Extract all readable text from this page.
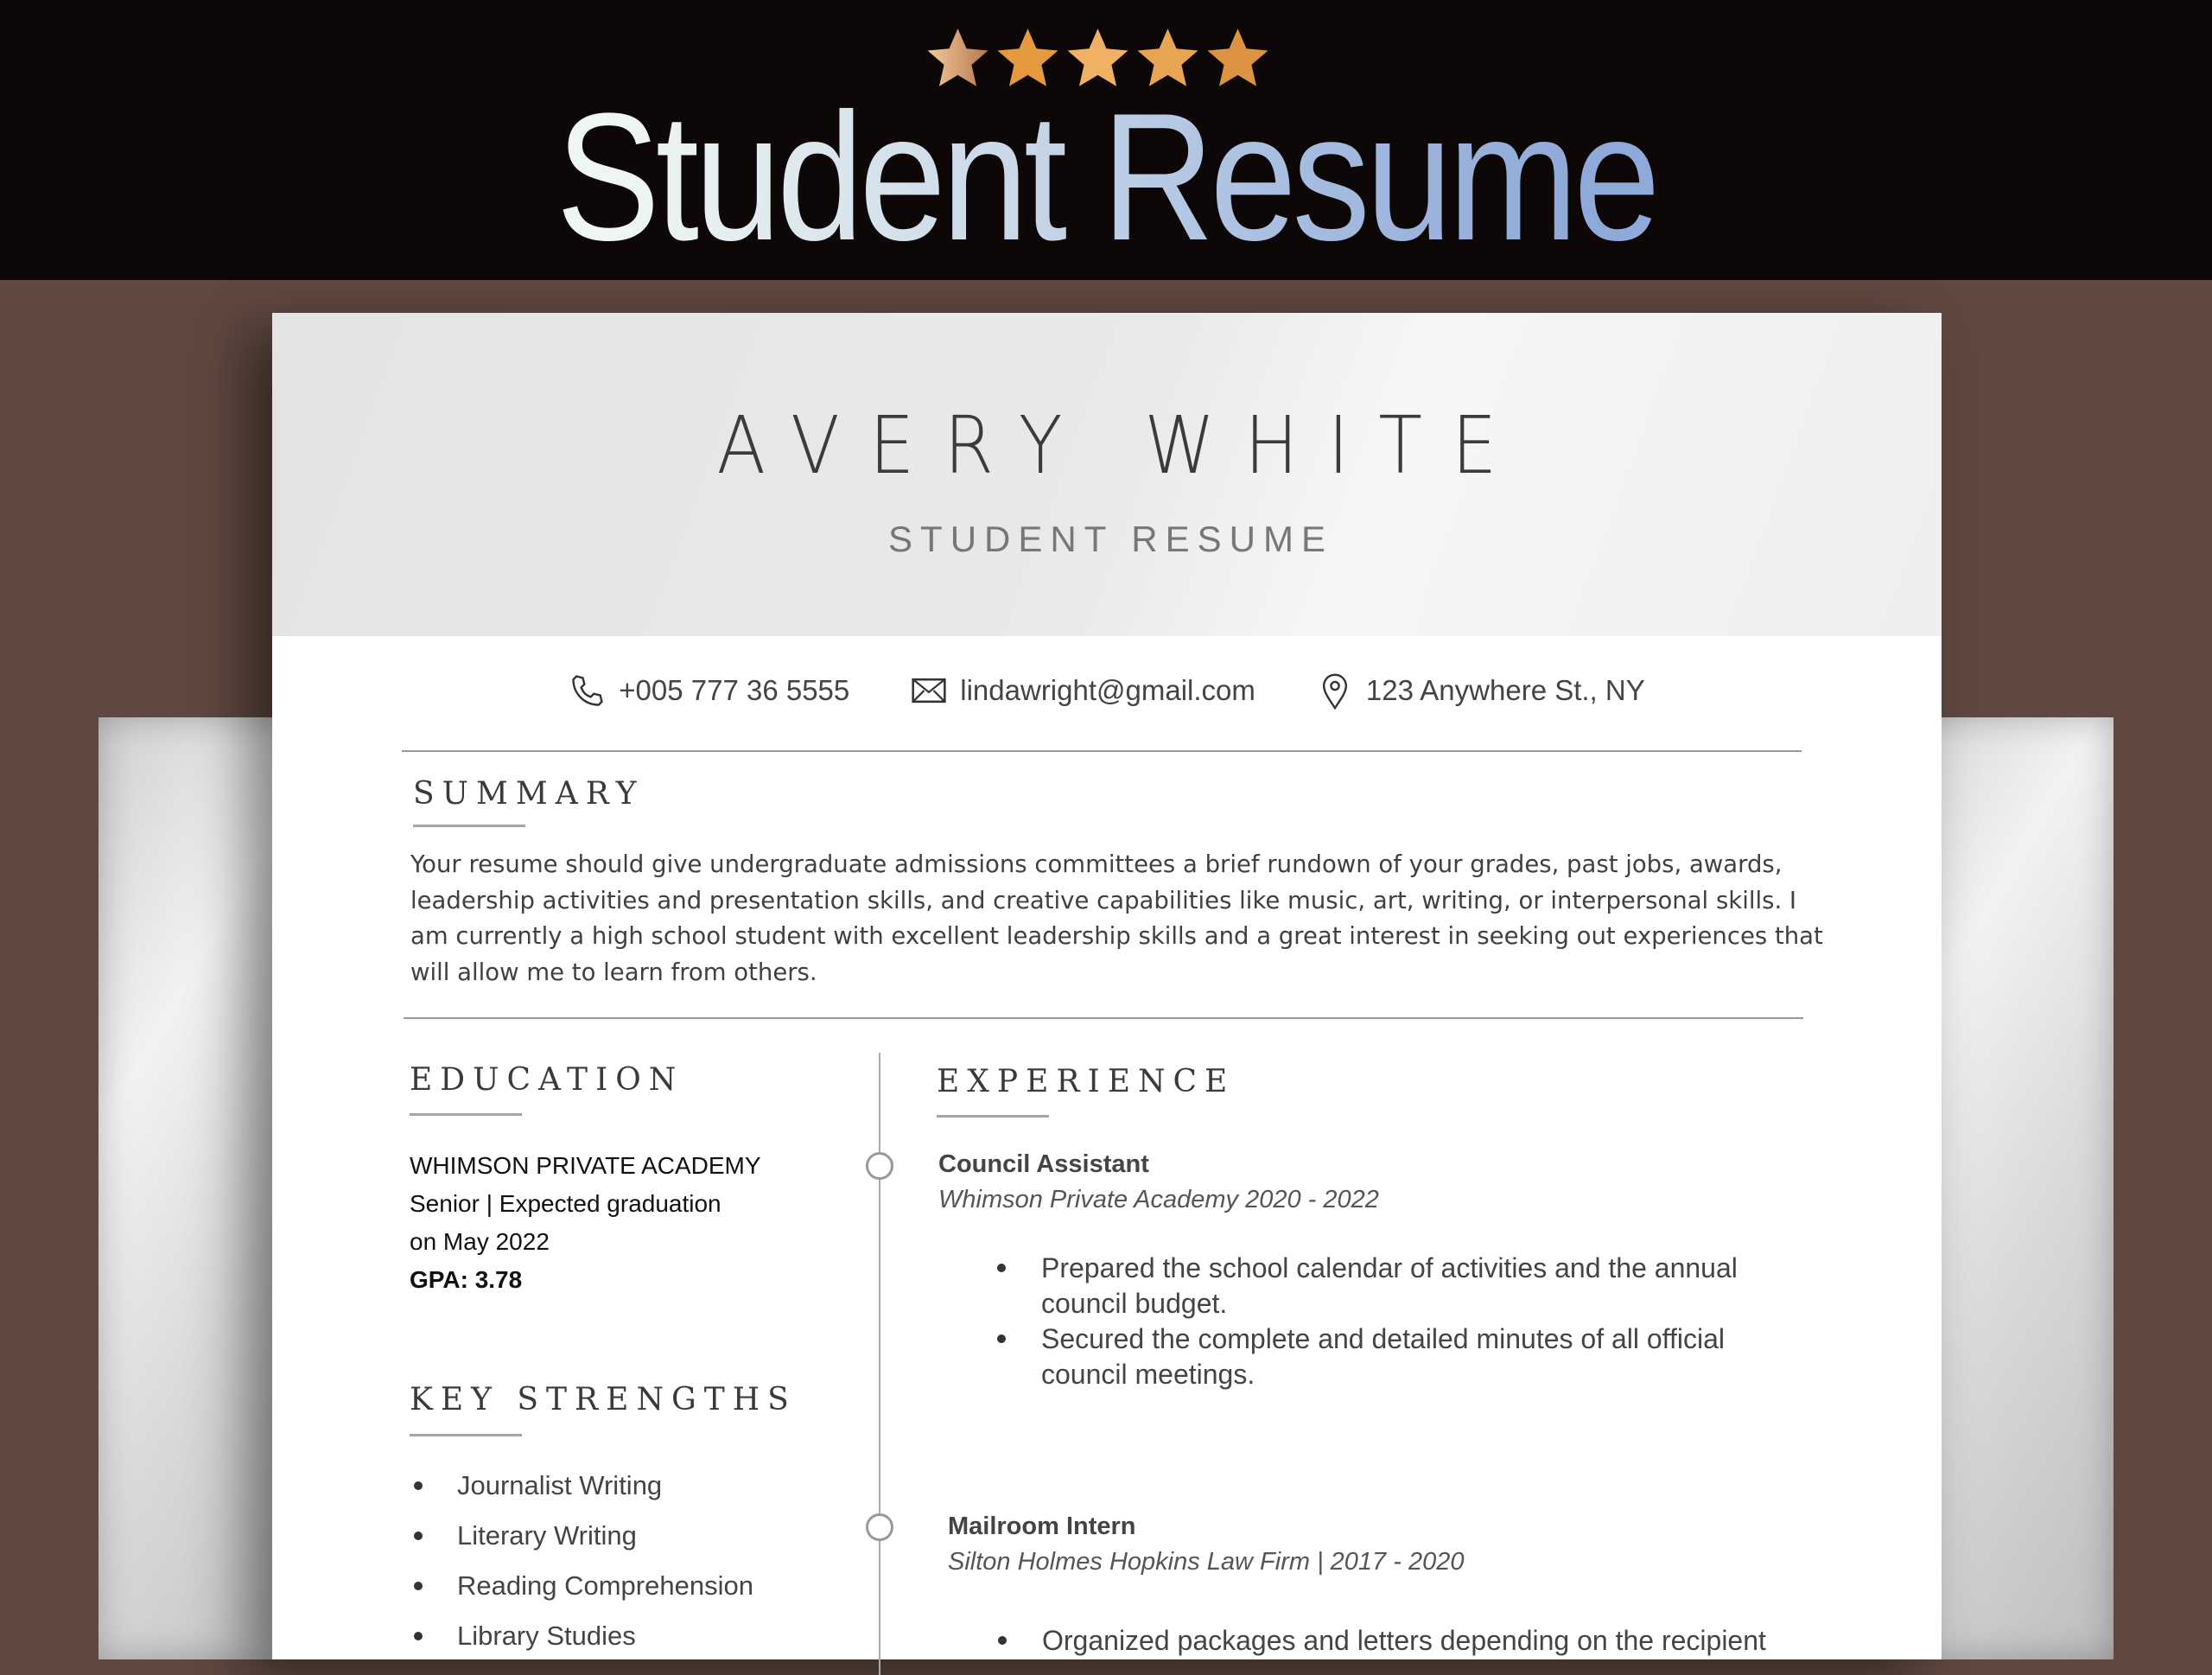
Student Resume
AVERY WHITE
STUDENT RESUME
+005 777 36 5555	lindawright@gmail.com	123 Anywhere St., NY
SUMMARY
Your resume should give undergraduate admissions committees a brief rundown of your grades, past jobs, awards, leadership activities and presentation skills, and creative capabilities like music, art, writing, or interpersonal skills. I am currently a high school student with excellent leadership skills and a great interest in seeking out experiences that will allow me to learn from others.
EDUCATION
WHIMSON PRIVATE ACADEMY
Senior | Expected graduation
on May 2022
GPA: 3.78
KEY STRENGTHS
Journalist Writing
Literary Writing
Reading Comprehension
Library Studies
EXPERIENCE
Council Assistant
Whimson Private Academy 2020 - 2022
Prepared the school calendar of activities and the annual council budget.
Secured the complete and detailed minutes of all official council meetings.
Mailroom Intern
Silton Holmes Hopkins Law Firm | 2017 - 2020
Organized packages and letters depending on the recipient
